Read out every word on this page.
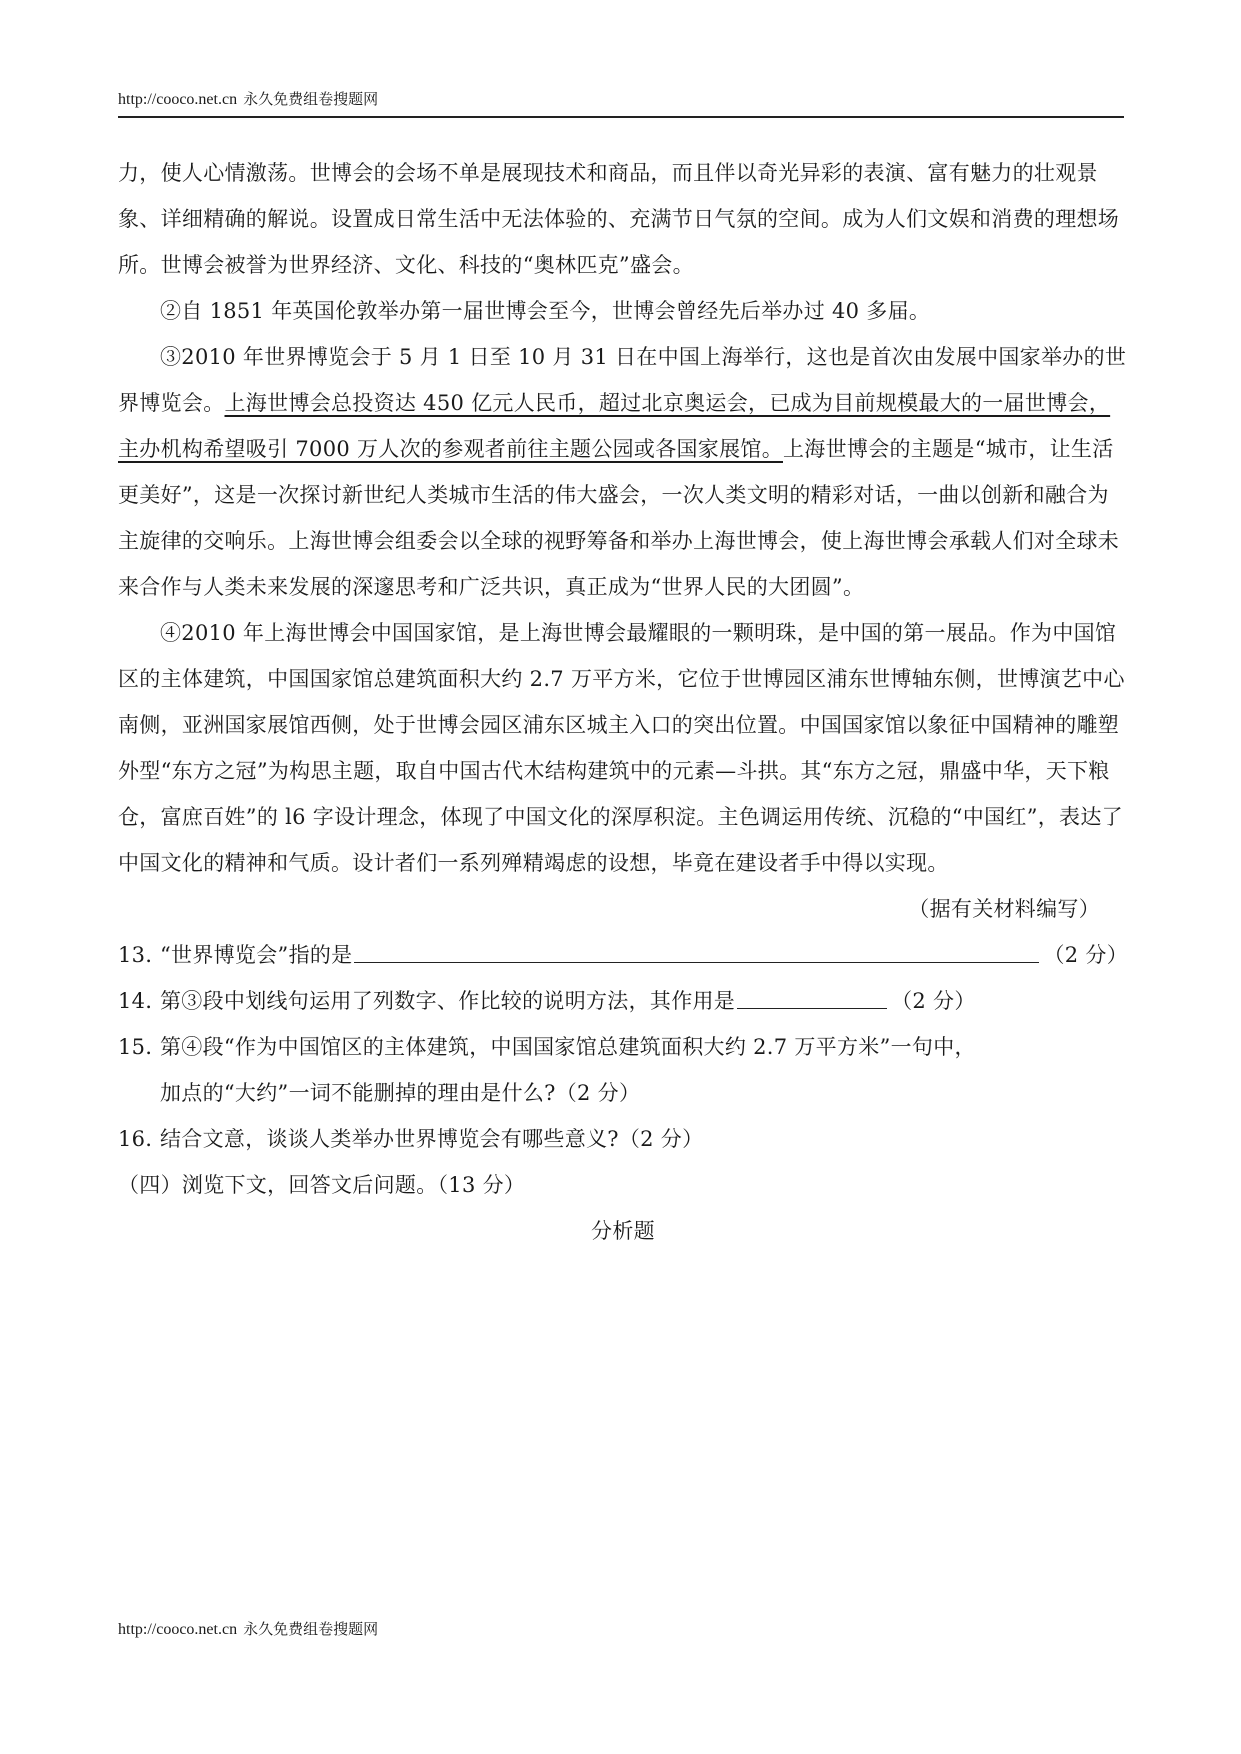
http://cooco.net.cn 永久免费组卷搜题网

力，使人心情激荡。世博会的会场不单是展现技术和商品，而且伴以奇光异彩的表演、富有魅力的壮观景象、详细精确的解说。设置成日常生活中无法体验的、充满节日气氛的空间。成为人们文娱和消费的理想场所。世博会被誉为世界经济、文化、科技的“奥林匹克”盛会。

②自 1851 年英国伦敦举办第一届世博会至今，世博会曾经先后举办过 40 多届。

③2010 年世界博览会于 5 月 1 日至 10 月 31 日在中国上海举行，这也是首次由发展中国家举办的世界博览会。上海世博会总投资达 450 亿元人民币，超过北京奥运会，已成为目前规模最大的一届世博会，主办机构希望吸引 7000 万人次的参观者前往主题公园或各国家展馆。上海世博会的主题是“城市，让生活更美好”，这是一次探讨新世纪人类城市生活的伟大盛会，一次人类文明的精彩对话，一曲以创新和融合为主旋律的交响乐。上海世博会组委会以全球的视野筹备和举办上海世博会，使上海世博会承载人们对全球未来合作与人类未来发展的深邃思考和广泛共识，真正成为“世界人民的大团圆”。

④2010 年上海世博会中国国家馆，是上海世博会最耀眼的一颗明珠，是中国的第一展品。作为中国馆区的主体建筑，中国国家馆总建筑面积大约 2.7 万平方米，它位于世博园区浦东世博轴东侧，世博演艺中心南侧，亚洲国家展馆西侧，处于世博会园区浦东区城主入口的突出位置。中国国家馆以象征中国精神的雕塑外型“东方之冠”为构思主题，取自中国古代木结构建筑中的元素—斗拱。其“东方之冠，鼎盛中华，天下粮仓，富庶百姓”的 l6 字设计理念，体现了中国文化的深厚积淀。主色调运用传统、沉稳的“中国红”，表达了中国文化的精神和气质。设计者们一系列殚精竭虑的设想，毕竟在建设者手中得以实现。

（据有关材料编写）

13．
“世界博览会”指的是	（2 分）
14．
第③段中划线句运用了列数字、作比较的说明方法，其作用是	（2 分）
15．
第④段“作为中国馆区的主体建筑，中国国家馆总建筑面积大约 2.7 万平方米”一句中，

加点的“大约”一词不能删掉的理由是什么?（2 分）

16．
结合文意，谈谈人类举办世界博览会有哪些意义?（2 分）

（四）浏览下文，回答文后问题。（13 分）

分析题

http://cooco.net.cn 永久免费组卷搜题网
